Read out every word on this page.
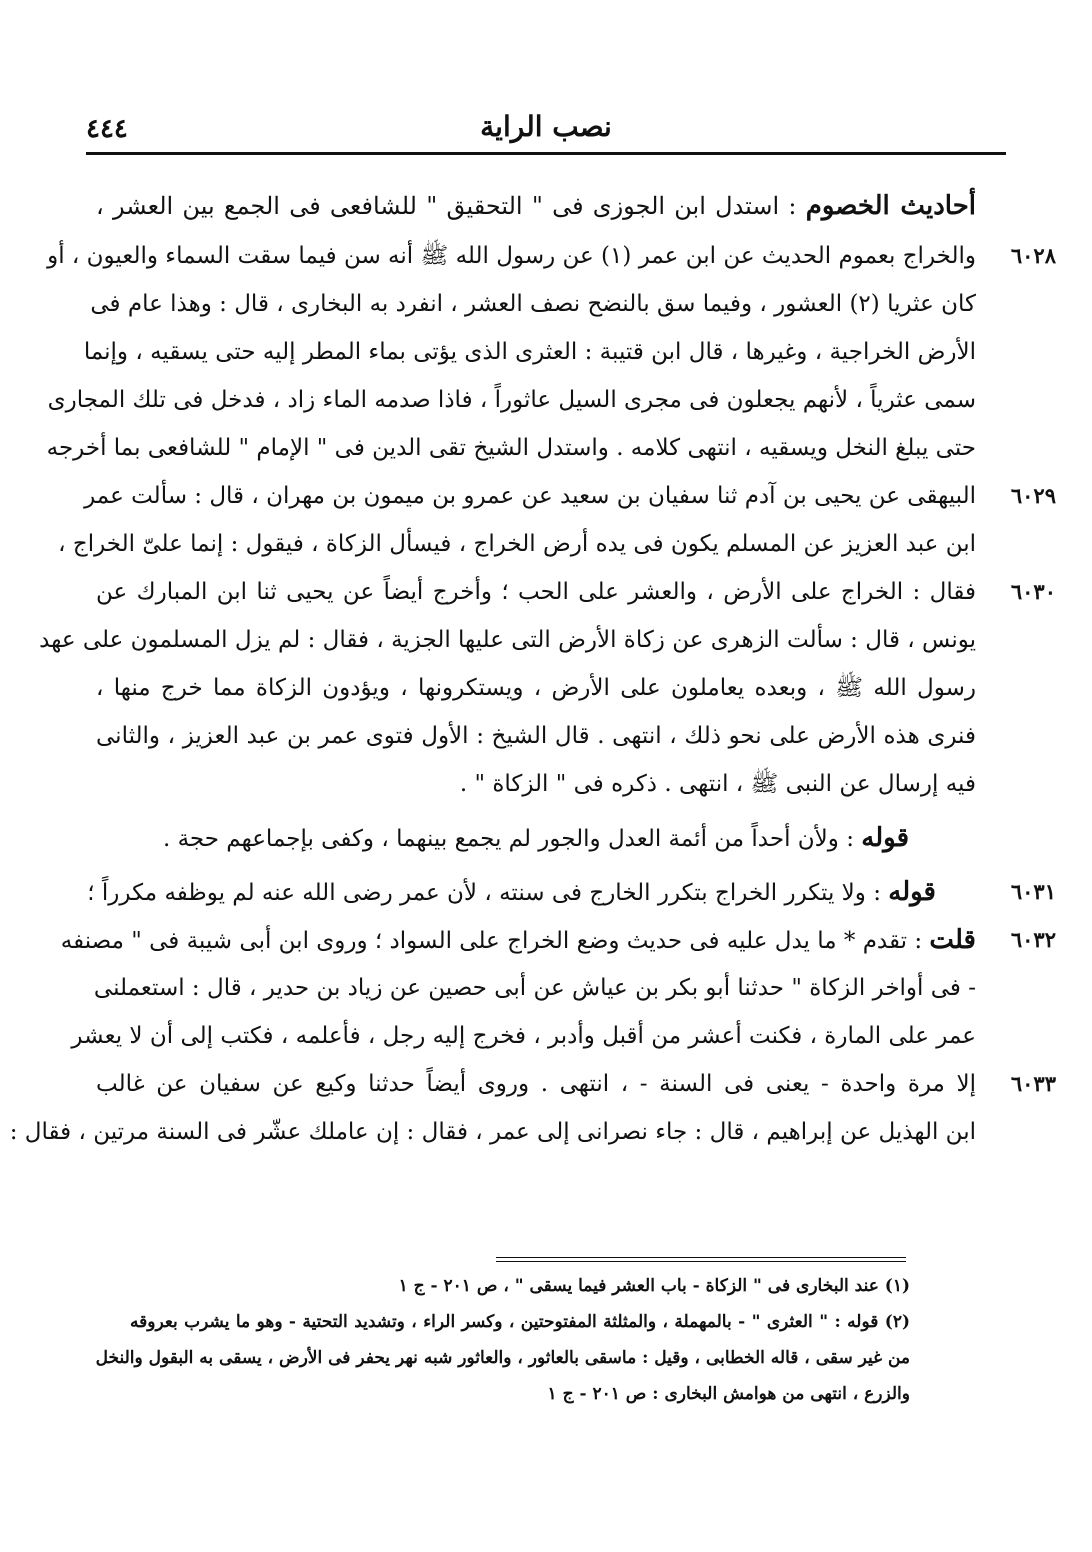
٤٤٤	نصب الراية
أحاديث الخصوم : استدل ابن الجوزى فى " التحقيق " للشافعى فى الجمع بين العشر ،
٦٠٢٨
والخراج بعموم الحديث عن ابن عمر (١) عن رسول الله ﷺ أنه سن فيما سقت السماء والعيون ، أو
كان عثريا (٢) العشور ، وفيما سق بالنضح نصف العشر ، انفرد به البخارى ، قال : وهذا عام فى
الأرض الخراجية ، وغيرها ، قال ابن قتيبة : العثرى الذى يؤتى بماء المطر إليه حتى يسقيه ، وإنما
سمى عثرياً ، لأنهم يجعلون فى مجرى السيل عاثوراً ، فاذا صدمه الماء زاد ، فدخل فى تلك المجارى
حتى يبلغ النخل ويسقيه ، انتهى كلامه . واستدل الشيخ تقى الدين فى " الإمام " للشافعى بما أخرجه
٦٠٢٩
البيهقى عن يحيى بن آدم ثنا سفيان بن سعيد عن عمرو بن ميمون بن مهران ، قال : سألت عمر
ابن عبد العزيز عن المسلم يكون فى يده أرض الخراج ، فيسأل الزكاة ، فيقول : إنما علىّ الخراج ،
٦٠٣٠
فقال : الخراج على الأرض ، والعشر على الحب ؛ وأخرج أيضاً عن يحيى ثنا ابن المبارك عن
يونس ، قال : سألت الزهرى عن زكاة الأرض التى عليها الجزية ، فقال : لم يزل المسلمون على عهد
رسول الله ﷺ ، وبعده يعاملون على الأرض ، ويستكرونها ، ويؤدون الزكاة مما خرج منها ،
فنرى هذه الأرض على نحو ذلك ، انتهى . قال الشيخ : الأول فتوى عمر بن عبد العزيز ، والثانى
فيه إرسال عن النبى ﷺ ، انتهى . ذكره فى " الزكاة " .
قوله : ولأن أحداً من أئمة العدل والجور لم يجمع بينهما ، وكفى بإجماعهم حجة .
٦٠٣١
قوله : ولا يتكرر الخراج بتكرر الخارج فى سنته ، لأن عمر رضى الله عنه لم يوظفه مكرراً ؛
٦٠٣٢
قلت : تقدم * ما يدل عليه فى حديث وضع الخراج على السواد ؛ وروى ابن أبى شيبة فى " مصنفه
- فى أواخر الزكاة " حدثنا أبو بكر بن عياش عن أبى حصين عن زياد بن حدير ، قال : استعملنى
عمر على المارة ، فكنت أعشر من أقبل وأدبر ، فخرج إليه رجل ، فأعلمه ، فكتب إلى أن لا يعشر
٦٠٣٣
إلا مرة واحدة - يعنى فى السنة - ، انتهى . وروى أيضاً حدثنا وكيع عن سفيان عن غالب
ابن الهذيل عن إبراهيم ، قال : جاء نصرانى إلى عمر ، فقال : إن عاملك عشّر فى السنة مرتين ، فقال :
(١) عند البخارى فى " الزكاة - باب العشر فيما يسقى " ، ص ٢٠١ - ج ١
(٢) قوله : " العثرى " - بالمهملة ، والمثلثة المفتوحتين ، وكسر الراء ، وتشديد التحتية - وهو ما يشرب بعروقه
من غير سقى ، قاله الخطابى ، وقيل : ماسقى بالعاثور ، والعاثور شبه نهر يحفر فى الأرض ، يسقى به البقول والنخل
والزرع ، انتهى من هوامش البخارى : ص ٢٠١ - ج ١
